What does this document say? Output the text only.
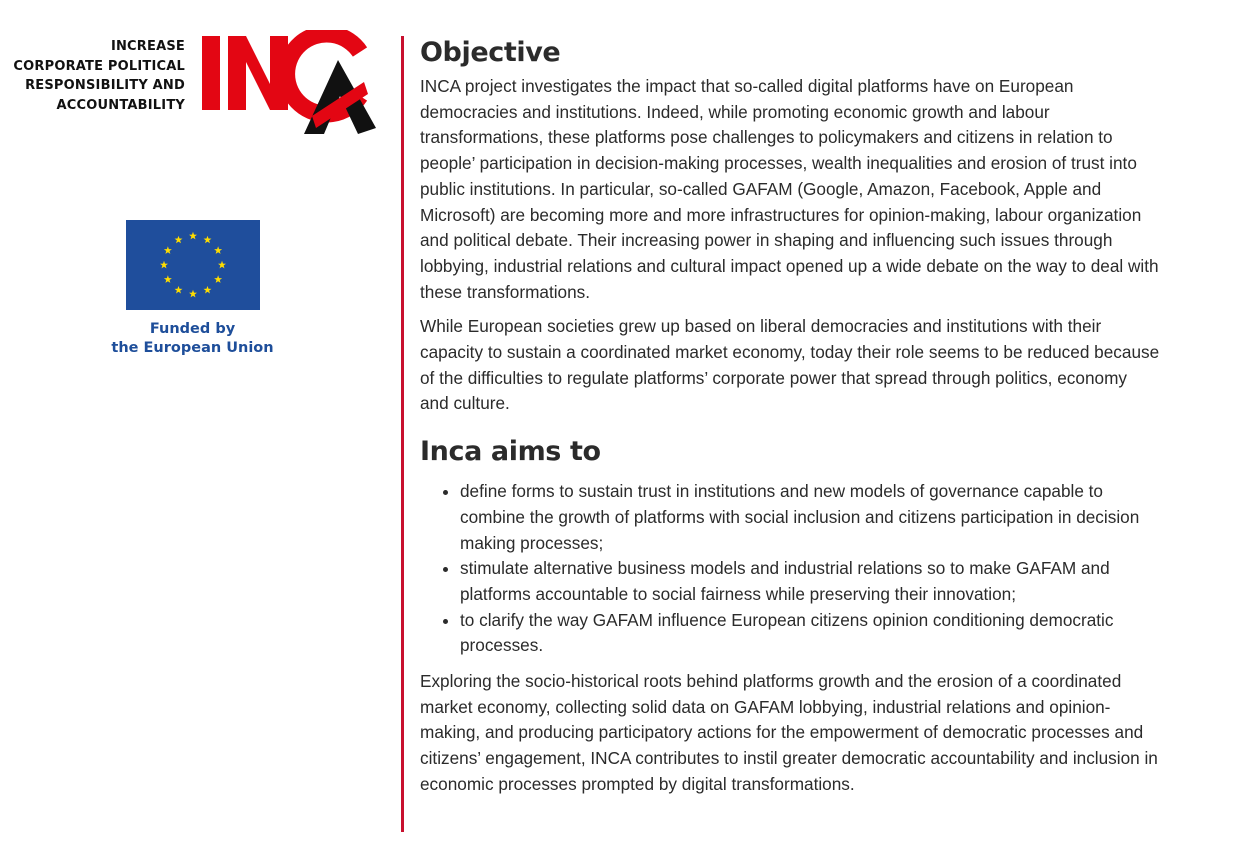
INCREASE
CORPORATE POLITICAL
RESPONSIBILITY AND
ACCOUNTABILITY
Funded by
the European Union
Objective

INCA project investigates the impact that so-called digital platforms have on European democracies and institutions. Indeed, while promoting economic growth and labour transformations, these platforms pose challenges to policymakers and citizens in relation to people’ participation in decision-making processes, wealth inequalities and erosion of trust into public institutions. In particular, so-called GAFAM (Google, Amazon, Facebook, Apple and Microsoft) are becoming more and more infrastructures for opinion-making, labour organization and political debate. Their increasing power in shaping and influencing such issues through lobbying, industrial relations and cultural impact opened up a wide debate on the way to deal with these transformations.

While European societies grew up based on liberal democracies and institutions with their capacity to sustain a coordinated market economy, today their role seems to be reduced because of the difficulties to regulate platforms’ corporate power that spread through politics, economy and culture.

Inca aims to
• define forms to sustain trust in institutions and new models of governance capable to combine the growth of platforms with social inclusion and citizens participation in decision making processes;
• stimulate alternative business models and industrial relations so to make GAFAM and platforms accountable to social fairness while preserving their innovation;
• to clarify the way GAFAM influence European citizens opinion conditioning democratic processes.

Exploring the socio-historical roots behind platforms growth and the erosion of a coordinated market economy, collecting solid data on GAFAM lobbying, industrial relations and opinion-making, and producing participatory actions for the empowerment of democratic processes and citizens’ engagement, INCA contributes to instil greater democratic accountability and inclusion in economic processes prompted by digital transformations.
